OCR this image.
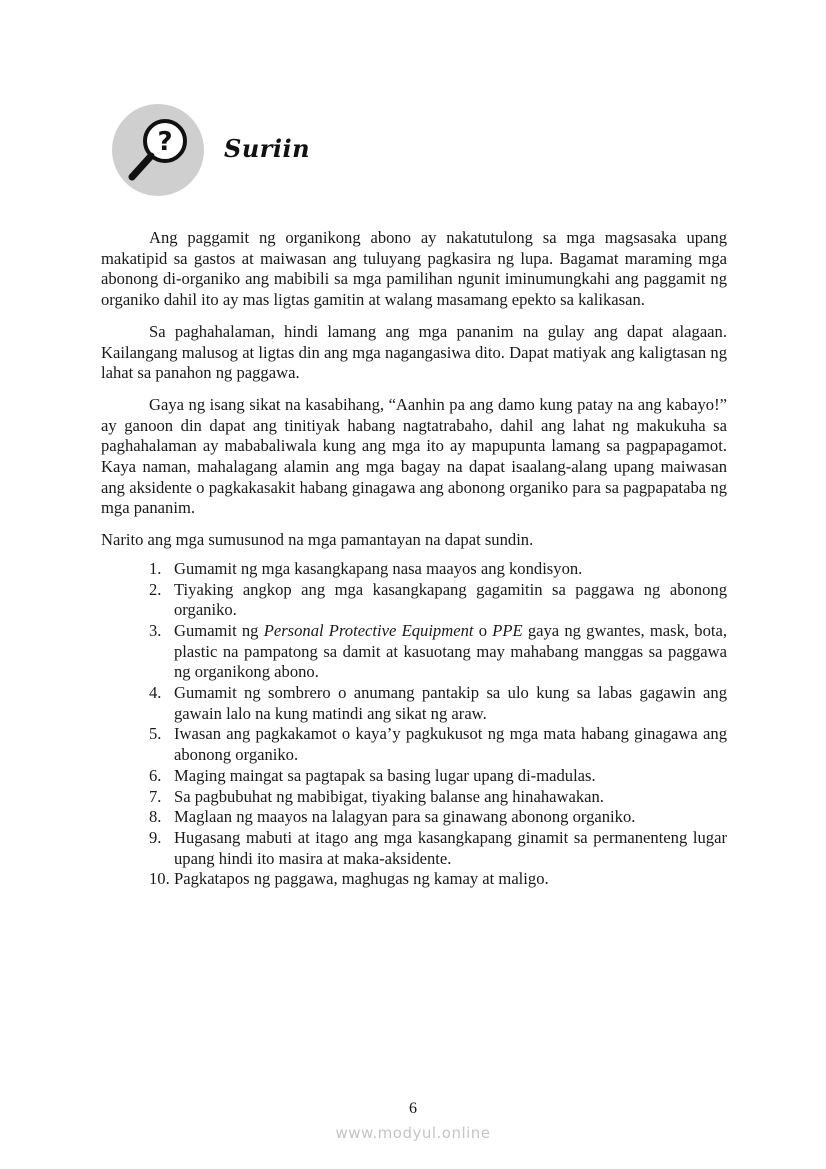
? Suriin

Ang paggamit ng organikong abono ay nakatutulong sa mga magsasaka upang makatipid sa gastos at maiwasan ang tuluyang pagkasira ng lupa. Bagamat maraming mga abonong di-organiko ang mabibili sa mga pamilihan ngunit iminumungkahi ang paggamit ng organiko dahil ito ay mas ligtas gamitin at walang masamang epekto sa kalikasan.

Sa paghahalaman, hindi lamang ang mga pananim na gulay ang dapat alagaan. Kailangang malusog at ligtas din ang mga nagangasiwa dito. Dapat matiyak ang kaligtasan ng lahat sa panahon ng paggawa.

Gaya ng isang sikat na kasabihang, “Aanhin pa ang damo kung patay na ang kabayo!” ay ganoon din dapat ang tinitiyak habang nagtatrabaho, dahil ang lahat ng makukuha sa paghahalaman ay mababaliwala kung ang mga ito ay mapupunta lamang sa pagpapagamot. Kaya naman, mahalagang alamin ang mga bagay na dapat isaalang-alang upang maiwasan ang aksidente o pagkakasakit habang ginagawa ang abonong organiko para sa pagpapataba ng mga pananim.

Narito ang mga sumusunod na mga pamantayan na dapat sundin.

1. Gumamit ng mga kasangkapang nasa maayos ang kondisyon.
2. Tiyaking angkop ang mga kasangkapang gagamitin sa paggawa ng abonong organiko.
3. Gumamit ng Personal Protective Equipment o PPE gaya ng gwantes, mask, bota, plastic na pampatong sa damit at kasuotang may mahabang manggas sa paggawa ng organikong abono.
4. Gumamit ng sombrero o anumang pantakip sa ulo kung sa labas gagawin ang gawain lalo na kung matindi ang sikat ng araw.
5. Iwasan ang pagkakamot o kaya’y pagkukusot ng mga mata habang ginagawa ang abonong organiko.
6. Maging maingat sa pagtapak sa basing lugar upang di-madulas.
7. Sa pagbubuhat ng mabibigat, tiyaking balanse ang hinahawakan.
8. Maglaan ng maayos na lalagyan para sa ginawang abonong organiko.
9. Hugasang mabuti at itago ang mga kasangkapang ginamit sa permanenteng lugar upang hindi ito masira at maka-aksidente.
10. Pagkatapos ng paggawa, maghugas ng kamay at maligo.
6
www.modyul.online
